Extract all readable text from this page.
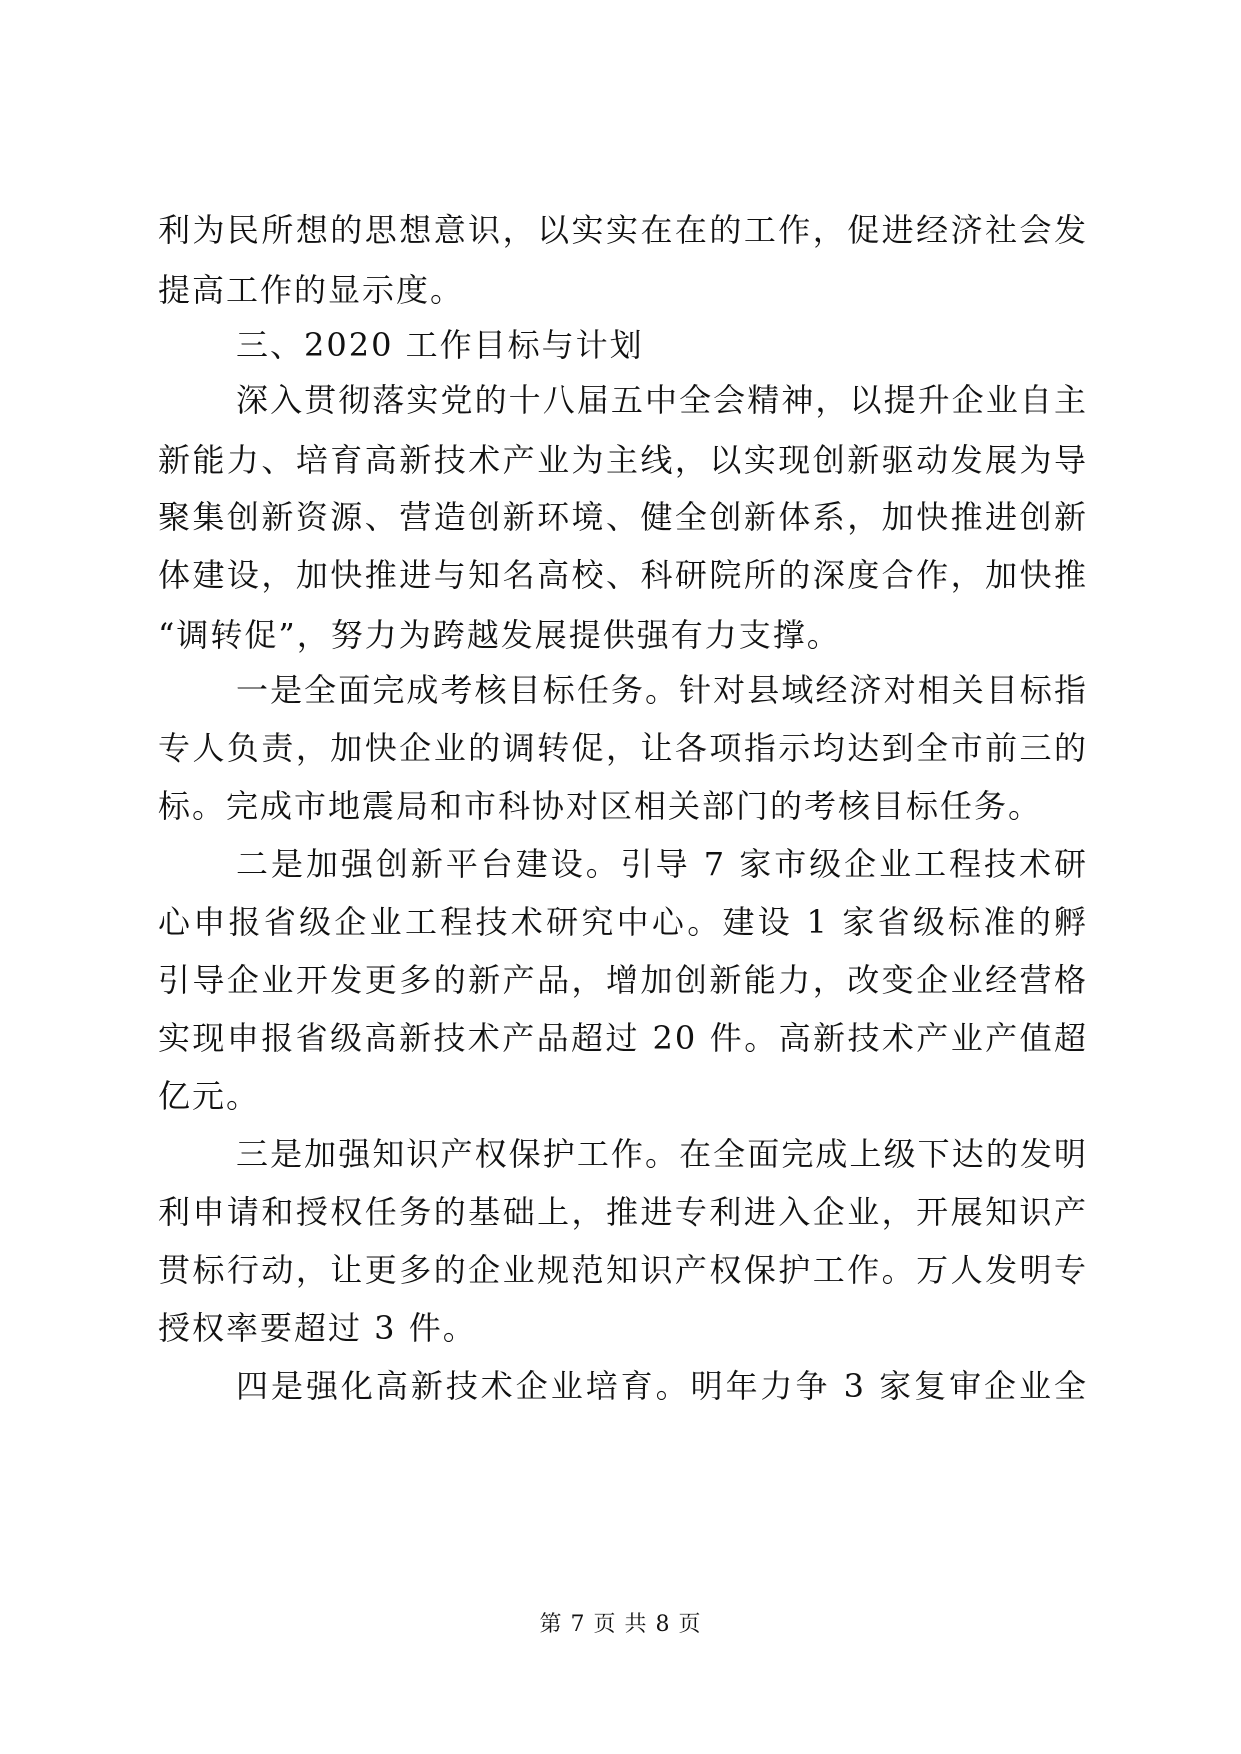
利为民所想的思想意识，以实实在在的工作，促进经济社会发
提高工作的显示度。
三、2020 工作目标与计划
深入贯彻落实党的十八届五中全会精神，以提升企业自主
新能力、培育高新技术产业为主线，以实现创新驱动发展为导
聚集创新资源、营造创新环境、健全创新体系，加快推进创新
体建设，加快推进与知名高校、科研院所的深度合作，加快推
“调转促”，努力为跨越发展提供强有力支撑。
一是全面完成考核目标任务。针对县域经济对相关目标指
专人负责，加快企业的调转促，让各项指示均达到全市前三的
标。完成市地震局和市科协对区相关部门的考核目标任务。
二是加强创新平台建设。引导 7 家市级企业工程技术研
心申报省级企业工程技术研究中心。建设 1 家省级标准的孵
引导企业开发更多的新产品，增加创新能力，改变企业经营格
实现申报省级高新技术产品超过 20 件。高新技术产业产值超
亿元。
三是加强知识产权保护工作。在全面完成上级下达的发明
利申请和授权任务的基础上，推进专利进入企业，开展知识产
贯标行动，让更多的企业规范知识产权保护工作。万人发明专
授权率要超过 3 件。
四是强化高新技术企业培育。明年力争 3 家复审企业全
第 7 页 共 8 页
